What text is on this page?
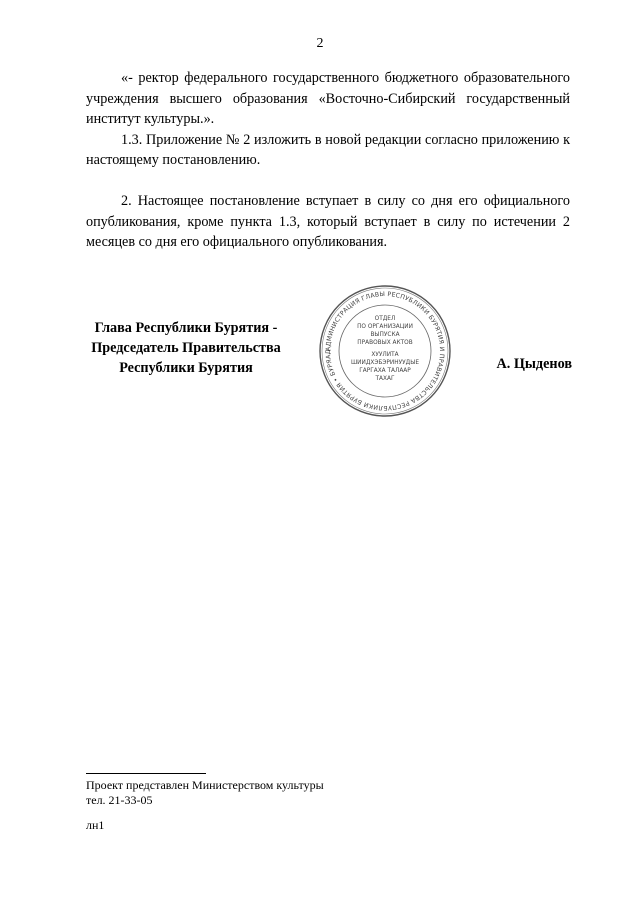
2

«- ректор федерального государственного бюджетного образовательного учреждения высшего образования «Восточно-Сибирский государственный институт культуры.».

1.3. Приложение № 2 изложить в новой редакции согласно приложению к настоящему постановлению.

2. Настоящее постановление вступает в силу со дня его официального опубликования, кроме пункта 1.3, который вступает в силу по истечении 2 месяцев со дня его официального опубликования.

Глава Республики Бурятия -
Председатель Правительства
Республики Бурятия
АДМИНИСТРАЦИЯ ГЛАВЫ РЕСПУБЛИКИ БУРЯТИЯ И ПРАВИТЕЛЬСТВА РЕСПУБЛИКИ БУРЯТИЯ • БУРЯАД
ОТДЕЛ
ПО ОРГАНИЗАЦИИ
ВЫПУСКА
ПРАВОВЫХ АКТОВ
ХУУЛИТА
ШИИДХЭБЭРИНУУДЫЕ
ГАРГАХА ТАЛААР
ТАХАГ
А. Цыденов
Проект представлен Министерством культуры
тел. 21-33-05
лн1
